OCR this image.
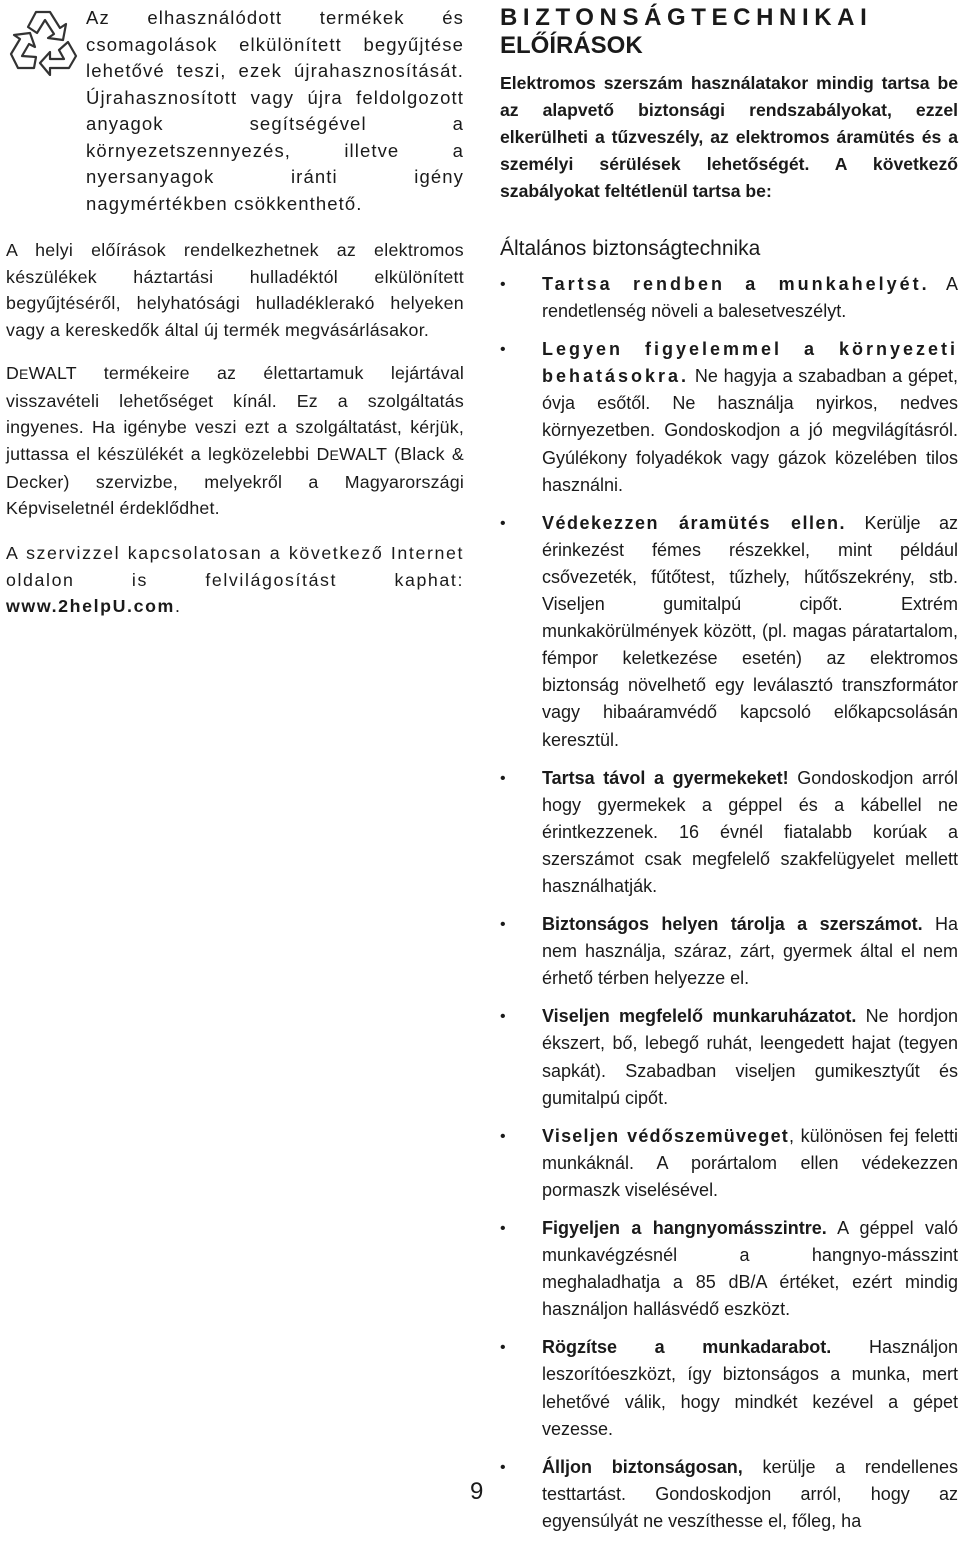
Az elhasználódott termékek és csomagolások elkülönített begyűjtése lehetővé teszi, ezek újrahasznosítását. Újrahasznosított vagy újra feldolgozott anyagok segítségével a környezetszennyezés, illetve a nyersanyagok iránti igény nagymértékben csökkenthető.

A helyi előírások rendelkezhetnek az elektromos készülékek háztartási hulladéktól elkülönített begyűjtéséről, helyhatósági hulladéklerakó helyeken vagy a kereskedők által új termék megvásárlásakor.

DEWALT termékeire az élettartamuk lejártával visszavételi lehetőséget kínál. Ez a szolgáltatás ingyenes. Ha igénybe veszi ezt a szolgáltatást, kérjük, juttassa el készülékét a legközelebbi DEWALT (Black & Decker) szervizbe, melyekről a Magyarországi Képviseletnél érdeklődhet.

A szervizzel kapcsolatosan a következő Internet oldalon is felvilágosítást kaphat: www.2helpU.com.

BIZTONSÁGTECHNIKAI
ELŐÍRÁSOK

Elektromos szerszám használatakor mindig tartsa be az alapvető biztonsági rendszabályokat, ezzel elkerülheti a tűzveszély, az elektromos áramütés és a személyi sérülések lehetőségét. A következő szabályokat feltétlenül tartsa be:

Általános biztonságtechnika
• Tartsa rendben a munkahelyét. A rendetlenség növeli a balesetveszélyt.
• Legyen figyelemmel a környezeti behatásokra. Ne hagyja a szabadban a gépet, óvja esőtől. Ne használja nyirkos, nedves környezetben. Gondoskodjon a jó megvilágításról. Gyúlékony folyadékok vagy gázok közelében tilos használni.
• Védekezzen áramütés ellen. Kerülje az érinkezést fémes részekkel, mint például csővezeték, fűtőtest, tűzhely, hűtőszekrény, stb. Viseljen gumitalpú cipőt. Extrém munkakörülmények között, (pl. magas páratartalom, fémpor keletkezése esetén) az elektromos biztonság növelhető egy leválasztó transzformátor vagy hibaáramvédő kapcsoló előkapcsolásán keresztül.
• Tartsa távol a gyermekeket! Gondoskodjon arról hogy gyermekek a géppel és a kábellel ne érintkezzenek. 16 évnél fiatalabb korúak a szerszámot csak megfelelő szakfelügyelet mellett használhatják.
• Biztonságos helyen tárolja a szerszámot. Ha nem használja, száraz, zárt, gyermek által el nem érhető térben helyezze el.
• Viseljen megfelelő munkaruházatot. Ne hordjon ékszert, bő, lebegő ruhát, leengedett hajat (tegyen sapkát). Szabadban viseljen gumikesztyűt és gumitalpú cipőt.
• Viseljen védőszemüveget, különösen fej feletti munkáknál. A porártalom ellen védekezzen pormaszk viselésével.
• Figyeljen a hangnyomásszintre. A géppel való munkavégzésnél a hangnyo-másszint meghaladhatja a 85 dB/A értéket, ezért mindig használjon hallásvédő eszközt.
• Rögzítse a munkadarabot. Használjon leszorítóeszközt, így biztonságos a munka, mert lehetővé válik, hogy mindkét kezével a gépet vezesse.
• Álljon biztonságosan, kerülje a rendellenes testtartást. Gondoskodjon arról, hogy az egyensúlyát ne veszíthesse el, főleg, ha
9
